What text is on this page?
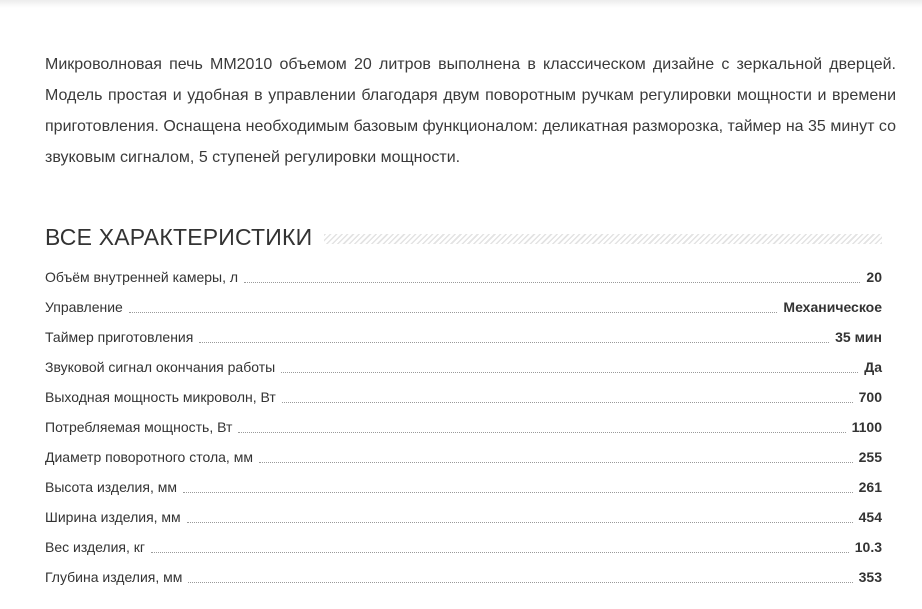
Микроволновая печь MM2010 объемом 20 литров выполнена в классическом дизайне с зеркальной дверцей. Модель простая и удобная в управлении благодаря двум поворотным ручкам регулировки мощности и времени приготовления. Оснащена необходимым базовым функционалом: деликатная разморозка, таймер на 35 минут со звуковым сигналом, 5 ступеней регулировки мощности.

ВСЕ ХАРАКТЕРИСТИКИ
Объём внутренней камеры, л	20
Управление	Механическое
Таймер приготовления	35 мин
Звуковой сигнал окончания работы	Да
Выходная мощность микроволн, Вт	700
Потребляемая мощность, Вт	1100
Диаметр поворотного стола, мм	255
Высота изделия, мм	261
Ширина изделия, мм	454
Вес изделия, кг	10.3
Глубина изделия, мм	353
